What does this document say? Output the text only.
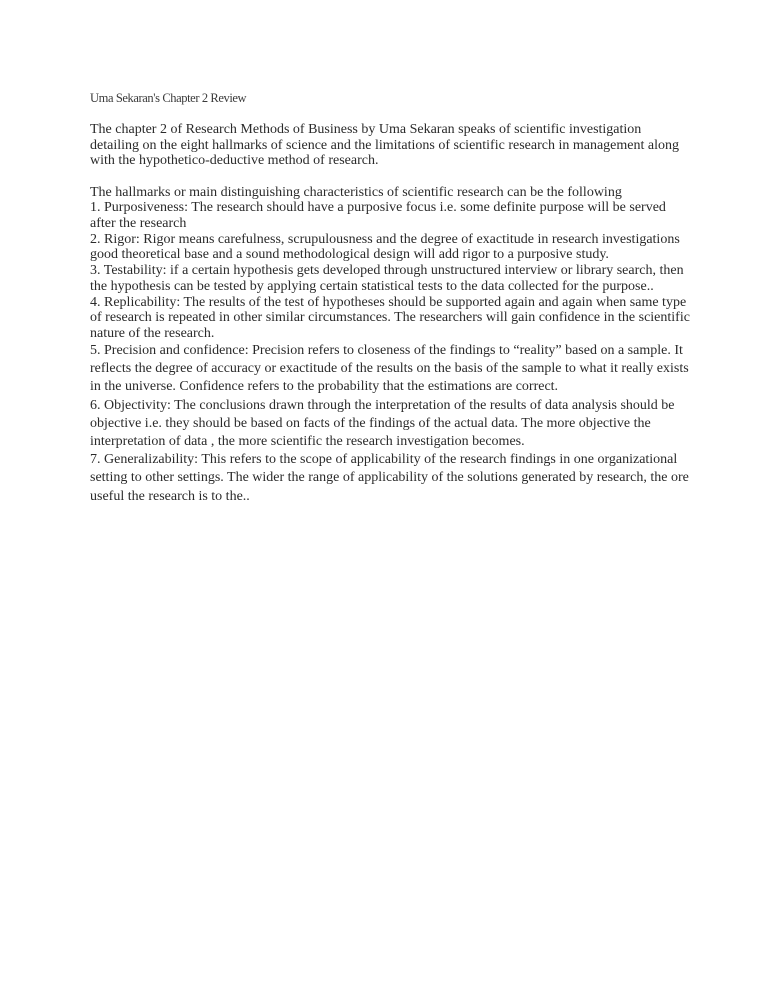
Uma Sekaran's Chapter 2 Review

The chapter 2 of Research Methods of Business by Uma Sekaran speaks of scientific investigation detailing on the eight hallmarks of science and the limitations of scientific research in management along with the hypothetico-deductive method of research.

The hallmarks or main distinguishing characteristics of scientific research can be the following

1. Purposiveness: The research should have a purposive focus i.e. some definite purpose will be served after the research
2. Rigor: Rigor means carefulness, scrupulousness and the degree of exactitude in research investigations good theoretical base and a sound methodological design will add rigor to a purposive study.
3. Testability: if a certain hypothesis gets developed through unstructured interview or library search, then the hypothesis can be tested by applying certain statistical tests to the data collected for the purpose..
4. Replicability: The results of the test of hypotheses should be supported again and again when same type of research is repeated in other similar circumstances. The researchers will gain confidence in the scientific nature of the research.
5. Precision and confidence: Precision refers to closeness of the findings to “reality” based on a sample. It reflects the degree of accuracy or exactitude of the results on the basis of the sample to what it really exists in the universe. Confidence refers to the probability that the estimations are correct.
6. Objectivity: The conclusions drawn through the interpretation of the results of data analysis should be objective i.e. they should be based on facts of the findings of the actual data. The more objective the interpretation of data , the more scientific the research investigation becomes.
7. Generalizability: This refers to the scope of applicability of the research findings in one organizational setting to other settings. The wider the range of applicability of the solutions generated by research, the ore useful the research is to the..
